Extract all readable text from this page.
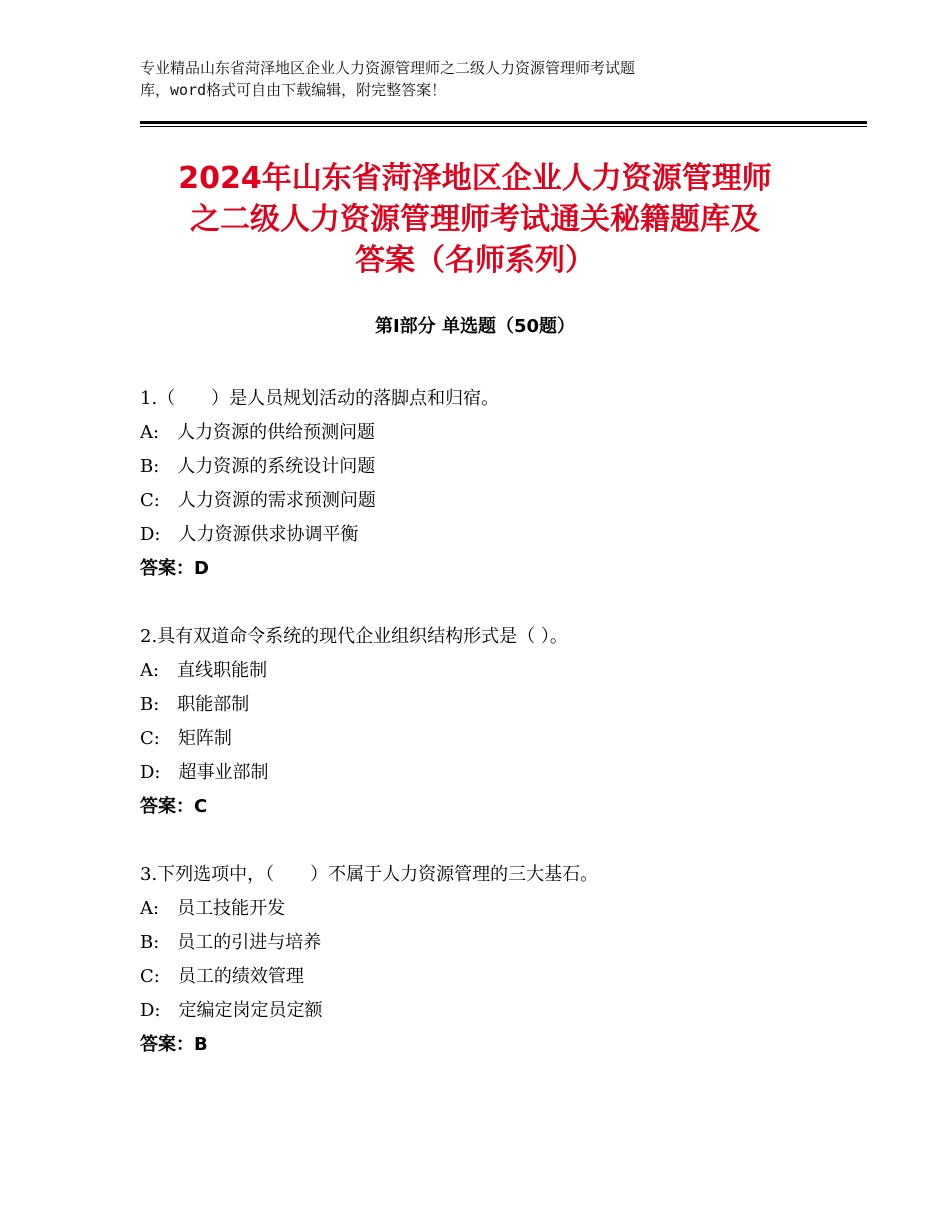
专业精品山东省菏泽地区企业人力资源管理师之二级人力资源管理师考试题
库，word格式可自由下载编辑，附完整答案！
2024年山东省菏泽地区企业人力资源管理师
之二级人力资源管理师考试通关秘籍题库及
答案（名师系列）
第Ⅰ部分 单选题（50题）
1.（　　）是人员规划活动的落脚点和归宿。
A:　人力资源的供给预测问题
B:　人力资源的系统设计问题
C:　人力资源的需求预测问题
D:　人力资源供求协调平衡
答案：D
2.具有双道命令系统的现代企业组织结构形式是（ ）。
A:　直线职能制
B:　职能部制
C:　矩阵制
D:　超事业部制
答案：C
3.下列选项中，（　　）不属于人力资源管理的三大基石。
A:　员工技能开发
B:　员工的引进与培养
C:　员工的绩效管理
D:　定编定岗定员定额
答案：B
